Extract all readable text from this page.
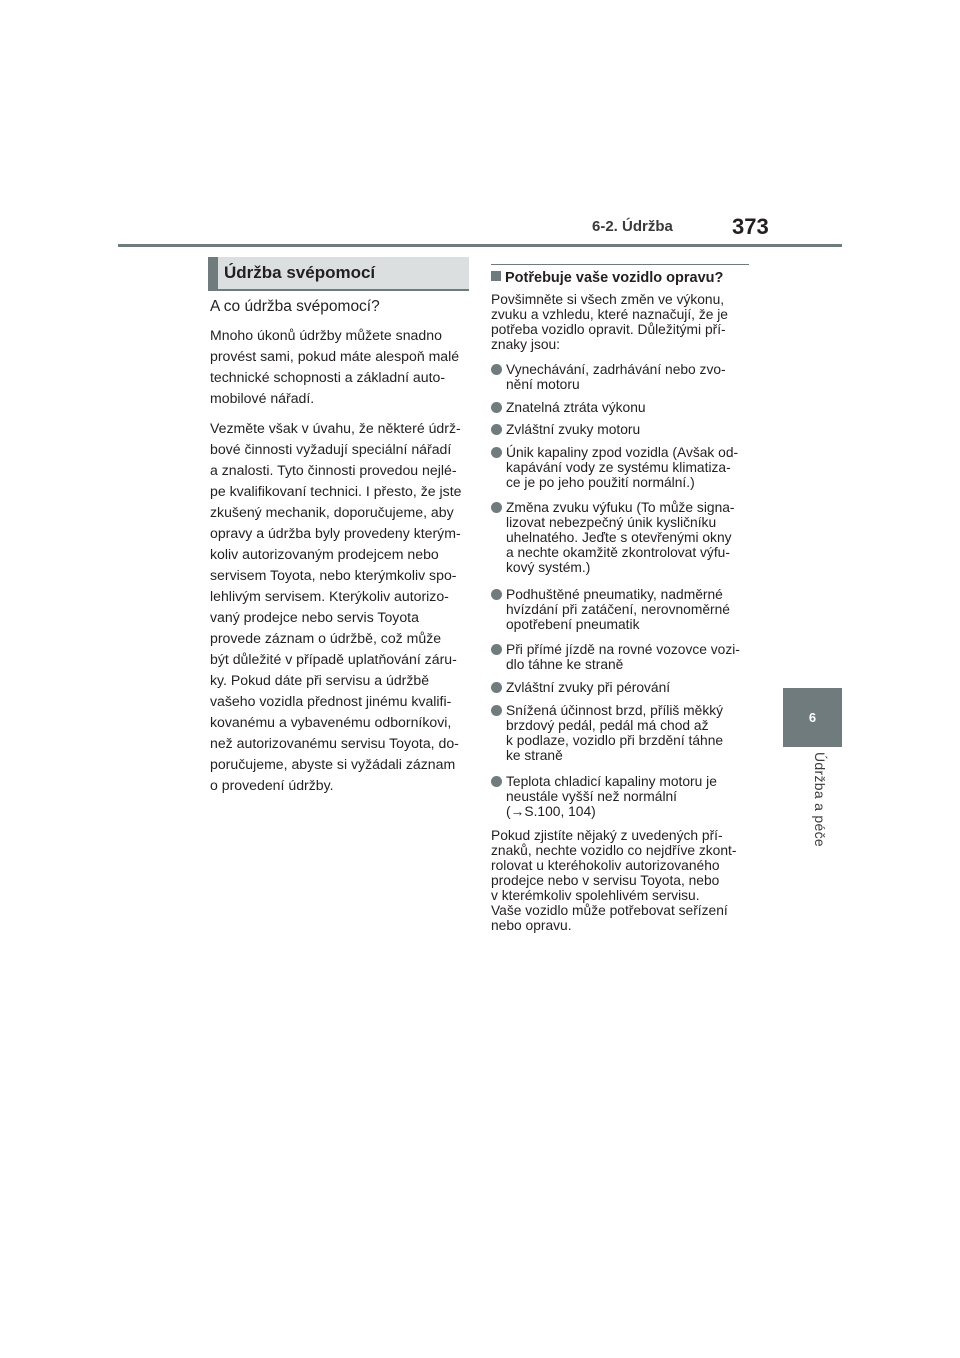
6-2. Údržba	373
6
Údržba a péče
Údržba svépomocí
A co údržba svépomocí?
Mnoho úkonů údržby můžete snadno
provést sami, pokud máte alespoň malé
technické schopnosti a základní auto-
mobilové nářadí.
Vezměte však v úvahu, že některé údrž-
bové činnosti vyžadují speciální nářadí
a znalosti. Tyto činnosti provedou nejlé-
pe kvalifikovaní technici. I přesto, že jste
zkušený mechanik, doporučujeme, aby
opravy a údržba byly provedeny kterým-
koliv autorizovaným prodejcem nebo
servisem Toyota, nebo kterýmkoliv spo-
lehlivým servisem. Kterýkoliv autorizo-
vaný prodejce nebo servis Toyota
provede záznam o údržbě, což může
být důležité v případě uplatňování záru-
ky. Pokud dáte při servisu a údržbě
vašeho vozidla přednost jinému kvalifi-
kovanému a vybavenému odborníkovi,
než autorizovanému servisu Toyota, do-
poručujeme, abyste si vyžádali záznam
o provedení údržby.
Potřebuje vaše vozidlo opravu?
Povšimněte si všech změn ve výkonu,
zvuku a vzhledu, které naznačují, že je
potřeba vozidlo opravit. Důležitými pří-
znaky jsou:
Vynechávání, zadrhávání nebo zvo-
nění motoru
Znatelná ztráta výkonu
Zvláštní zvuky motoru
Únik kapaliny zpod vozidla (Avšak od-
kapávání vody ze systému klimatiza-
ce je po jeho použití normální.)
Změna zvuku výfuku (To může signa-
lizovat nebezpečný únik kysličníku
uhelnatého. Jeďte s otevřenými okny
a nechte okamžitě zkontrolovat výfu-
kový systém.)
Podhuštěné pneumatiky, nadměrné
hvízdání při zatáčení, nerovnoměrné
opotřebení pneumatik
Při přímé jízdě na rovné vozovce vozi-
dlo táhne ke straně
Zvláštní zvuky při pérování
Snížená účinnost brzd, příliš měkký
brzdový pedál, pedál má chod až
k podlaze, vozidlo při brzdění táhne
ke straně
Teplota chladicí kapaliny motoru je
neustále vyšší než normální
(→S.100, 104)
Pokud zjistíte nějaký z uvedených pří-
znaků, nechte vozidlo co nejdříve zkont-
rolovat u kteréhokoliv autorizovaného
prodejce nebo v servisu Toyota, nebo
v kterémkoliv spolehlivém servisu.
Vaše vozidlo může potřebovat seřízení
nebo opravu.
